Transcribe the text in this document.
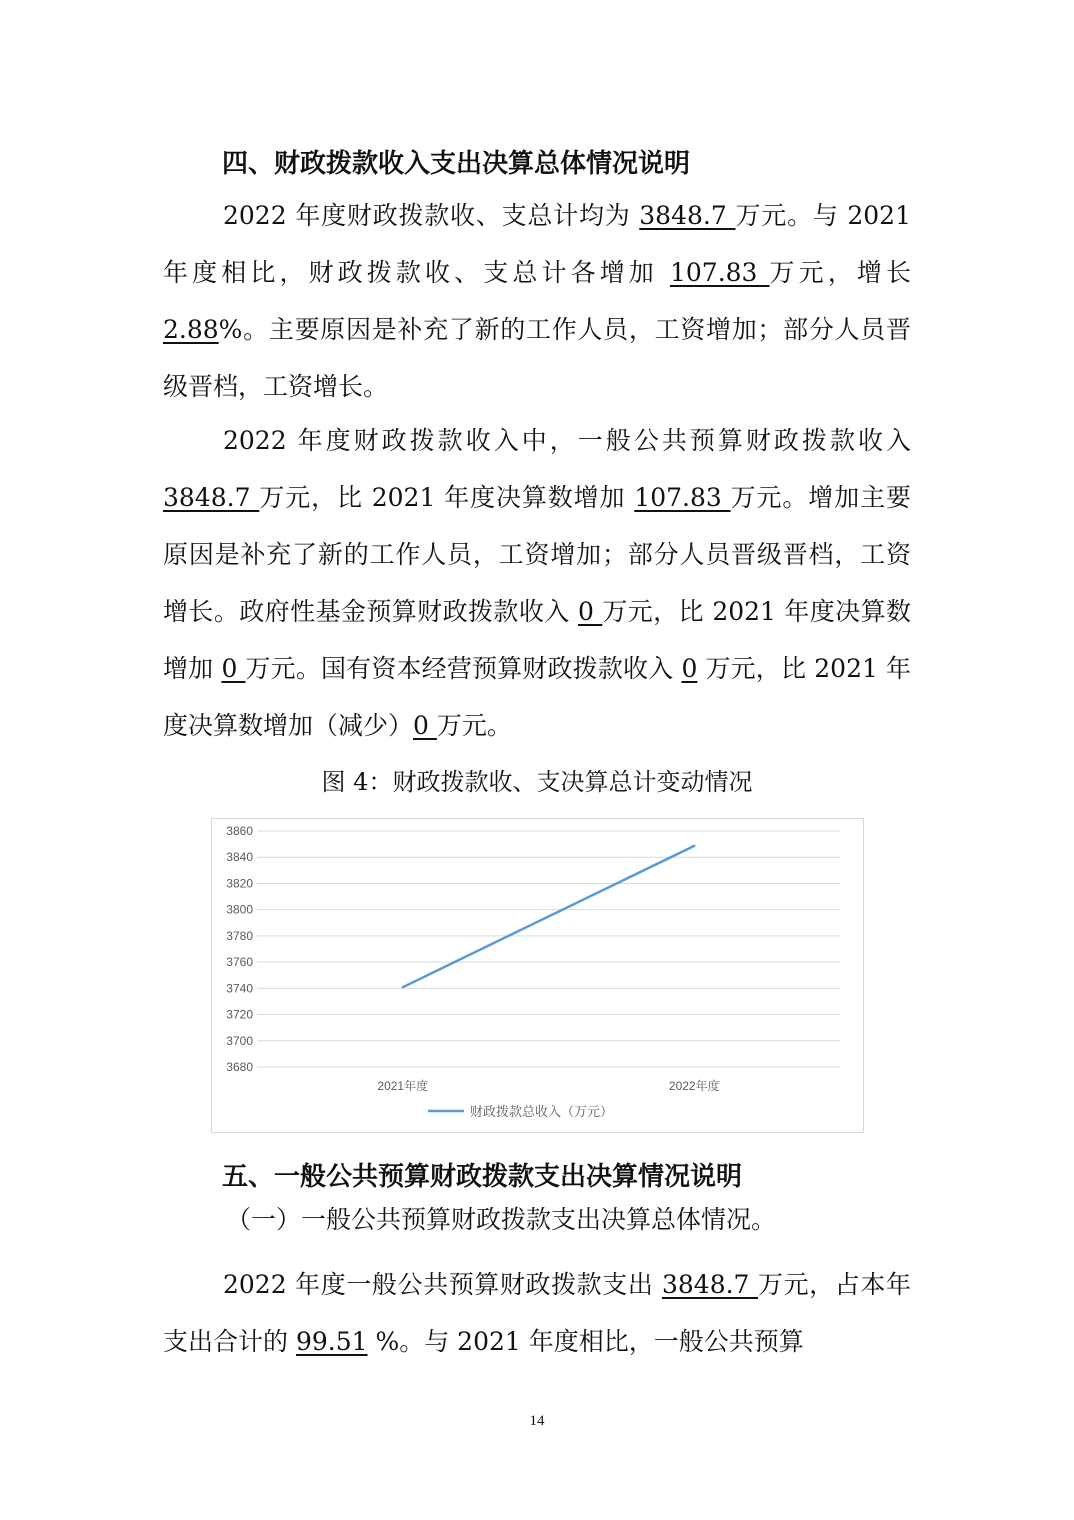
四、财政拨款收入支出决算总体情况说明

2022 年度财政拨款收、支总计均为 3848.7 万元。与 2021 年度相比，财政拨款收、支总计各增加 107.83 万元，增长 2.88%。主要原因是补充了新的工作人员，工资增加；部分人员晋级晋档，工资增长。

2022 年度财政拨款收入中，一般公共预算财政拨款收入 3848.7 万元，比 2021 年度决算数增加 107.83 万元。增加主要原因是补充了新的工作人员，工资增加；部分人员晋级晋档，工资增长。政府性基金预算财政拨款收入 0 万元，比 2021 年度决算数增加 0 万元。国有资本经营预算财政拨款收入 0 万元，比 2021 年度决算数增加（减少）0 万元。

图 4：财政拨款收、支决算总计变动情况
3680
3700
3720
3740
3760
3780
3800
3820
3840
3860
2021年度	2022年度
财政拨款总收入（万元）
五、一般公共预算财政拨款支出决算情况说明
（一）一般公共预算财政拨款支出决算总体情况。

2022 年度一般公共预算财政拨款支出 3848.7 万元，占本年支出合计的 99.51 %。与 2021 年度相比，一般公共预算

14
